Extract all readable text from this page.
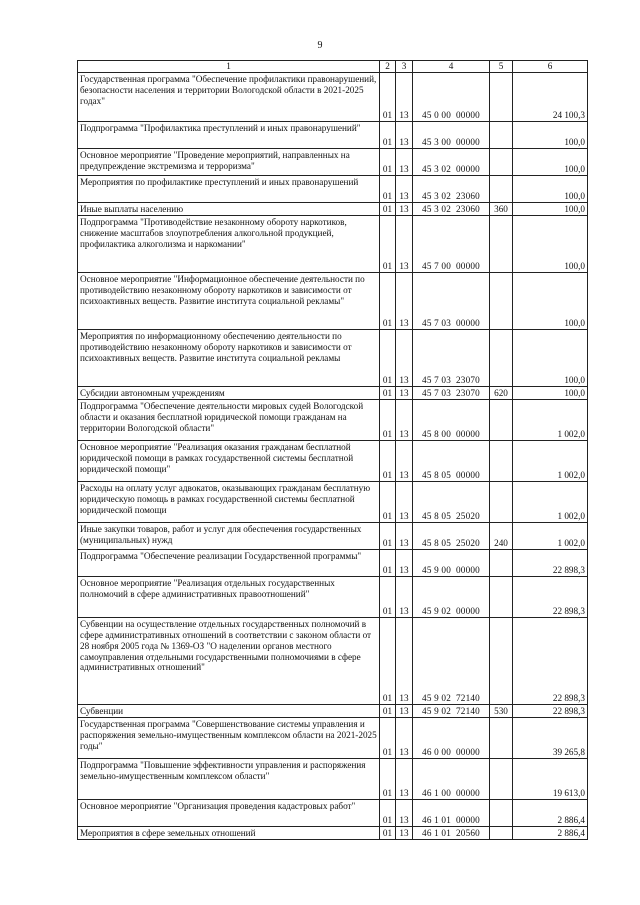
9
1	2	3	4	5	6
Государственная программа "Обеспечение профилактики правонарушений, безопасности населения и территории Вологодской области в 2021-2025 годах"	01	13	45 0 00  00000		24 100,3
Подпрограмма "Профилактика преступлений и иных правонарушений"	01	13	45 3 00  00000		100,0
Основное мероприятие "Проведение мероприятий, направленных на предупреждение экстремизма и терроризма"	01	13	45 3 02  00000		100,0
Мероприятия по профилактике преступлений и иных правонарушений	01	13	45 3 02  23060		100,0
Иные выплаты населению	01	13	45 3 02  23060	360	100,0
Подпрограмма "Противодействие незаконному обороту наркотиков, снижение масштабов злоупотребления алкогольной продукцией, профилактика алкоголизма и наркомании"	01	13	45 7 00  00000		100,0
Основное мероприятие "Информационное обеспечение деятельности по противодействию незаконному обороту наркотиков и зависимости от психоактивных веществ. Развитие института социальной рекламы"	01	13	45 7 03  00000		100,0
Мероприятия по информационному обеспечению деятельности по противодействию незаконному обороту наркотиков и зависимости от психоактивных веществ. Развитие института социальной рекламы	01	13	45 7 03  23070		100,0
Субсидии автономным учреждениям	01	13	45 7 03  23070	620	100,0
Подпрограмма "Обеспечение деятельности мировых судей Вологодской области и оказания бесплатной юридической помощи гражданам на территории Вологодской области"	01	13	45 8 00  00000		1 002,0
Основное мероприятие "Реализация оказания гражданам бесплатной юридической помощи в рамках государственной системы бесплатной юридической помощи"	01	13	45 8 05  00000		1 002,0
Расходы на оплату услуг адвокатов, оказывающих гражданам бесплатную юридическую помощь в рамках государственной системы бесплатной юридической помощи	01	13	45 8 05  25020		1 002,0
Иные закупки товаров, работ и услуг для обеспечения государственных (муниципальных) нужд	01	13	45 8 05  25020	240	1 002,0
Подпрограмма "Обеспечение реализации Государственной программы"	01	13	45 9 00  00000		22 898,3
Основное мероприятие "Реализация отдельных государственных полномочий в сфере административных правоотношений"	01	13	45 9 02  00000		22 898,3
Субвенции на осуществление отдельных государственных полномочий в сфере административных отношений в соответствии с законом области от 28 ноября 2005 года № 1369-ОЗ "О наделении органов местного самоуправления отдельными государственными полномочиями в сфере административных отношений"	01	13	45 9 02  72140		22 898,3
Субвенции	01	13	45 9 02  72140	530	22 898,3
Государственная программа "Совершенствование системы управления и распоряжения земельно-имущественным комплексом области на 2021-2025 годы"	01	13	46 0 00  00000		39 265,8
Подпрограмма "Повышение эффективности управления и распоряжения земельно-имущественным комплексом области"	01	13	46 1 00  00000		19 613,0
Основное мероприятие "Организация проведения кадастровых работ"	01	13	46 1 01  00000		2 886,4
Мероприятия в сфере земельных отношений	01	13	46 1 01  20560		2 886,4
